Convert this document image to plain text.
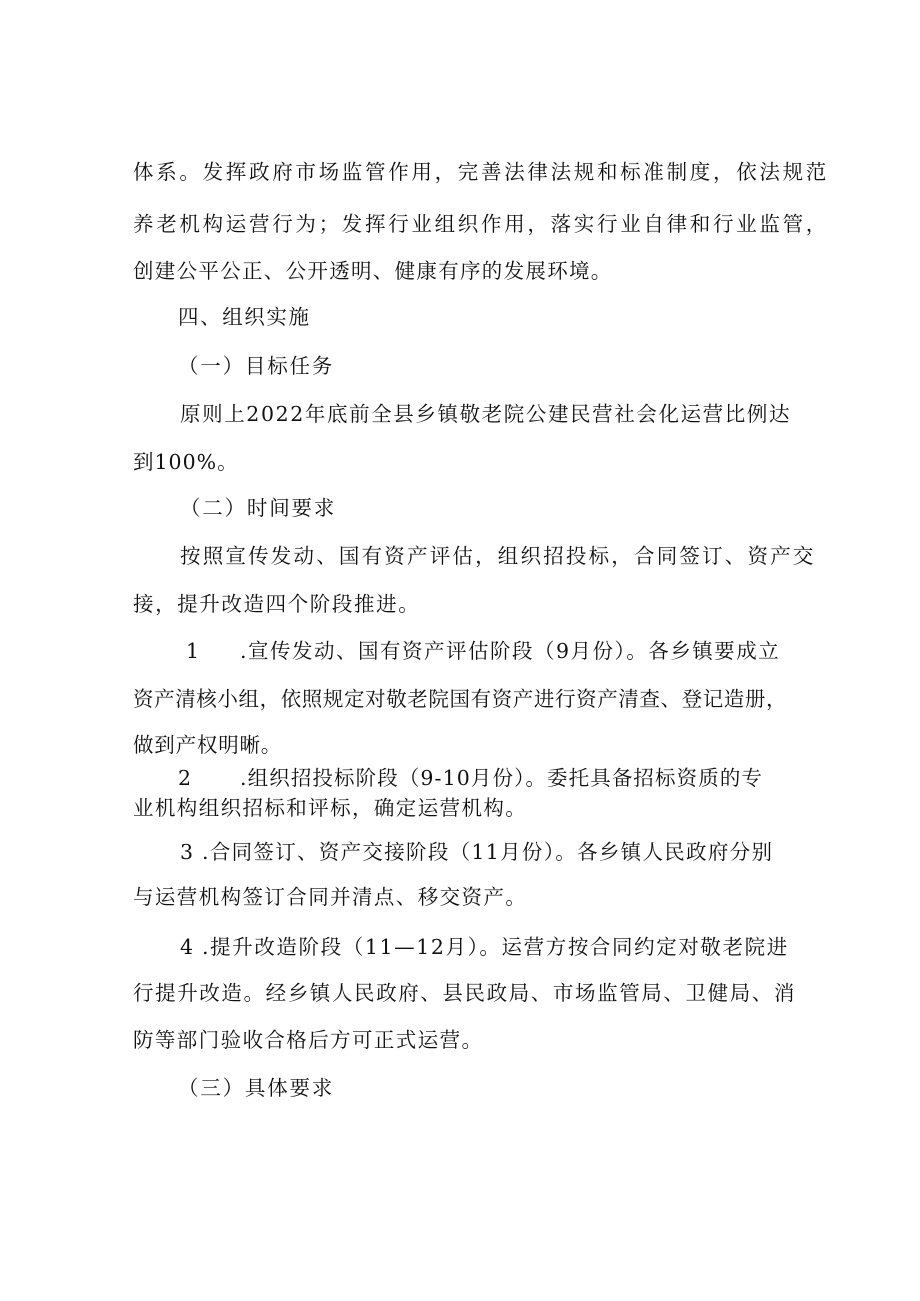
体系。发挥政府市场监管作用，完善法律法规和标准制度，依法规范
养老机构运营行为；发挥行业组织作用，落实行业自律和行业监管，
创建公平公正、公开透明、健康有序的发展环境。
四、组织实施
（一）目标任务
原则上2022年底前全县乡镇敬老院公建民营社会化运营比例达
到100%。
（二）时间要求
按照宣传发动、国有资产评估，组织招投标，合同签订、资产交
接，提升改造四个阶段推进。
1 .宣传发动、国有资产评估阶段（9月份）。各乡镇要成立
资产清核小组，依照规定对敬老院国有资产进行资产清查、登记造册，
做到产权明晰。
2 .组织招投标阶段（9-10月份）。委托具备招标资质的专
业机构组织招标和评标，确定运营机构。
3 .合同签订、资产交接阶段（11月份）。各乡镇人民政府分别
与运营机构签订合同并清点、移交资产。
4 .提升改造阶段（11—12月）。运营方按合同约定对敬老院进
行提升改造。经乡镇人民政府、县民政局、市场监管局、卫健局、消
防等部门验收合格后方可正式运营。
（三）具体要求
